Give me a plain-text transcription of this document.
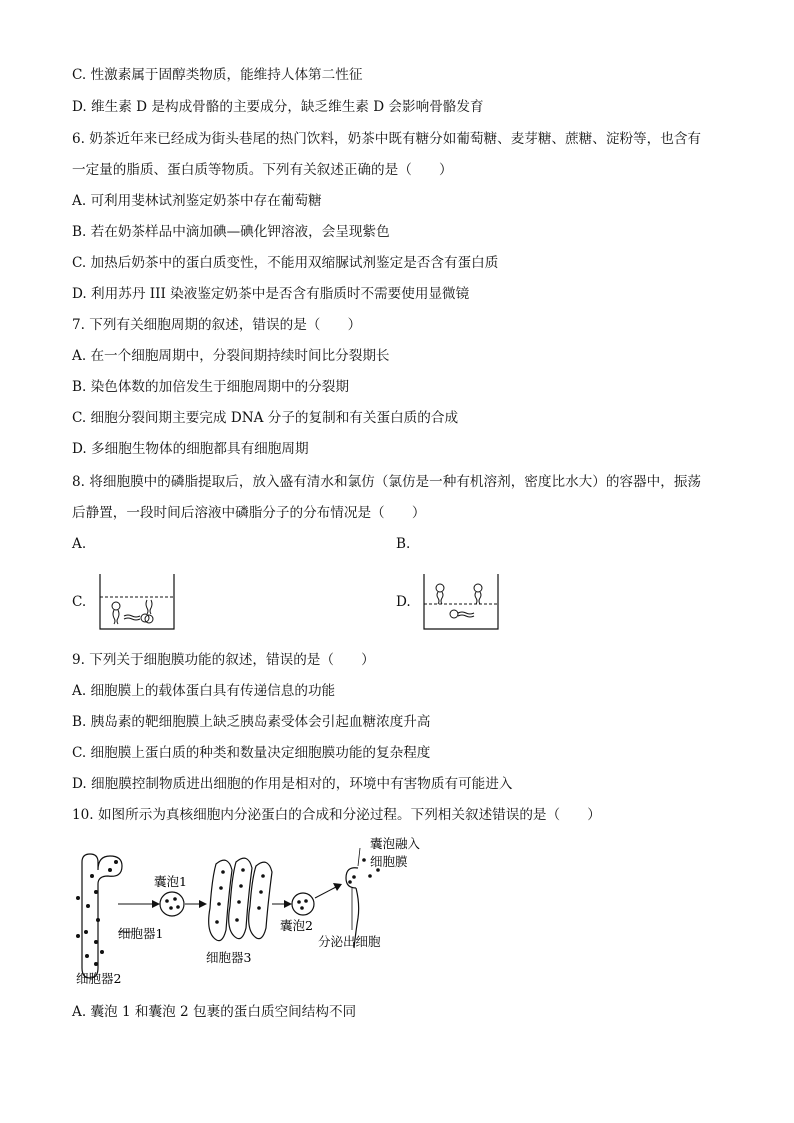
C. 性激素属于固醇类物质，能维持人体第二性征
D. 维生素 D 是构成骨骼的主要成分，缺乏维生素 D 会影响骨骼发育
6. 奶茶近年来已经成为街头巷尾的热门饮料，奶茶中既有糖分如葡萄糖、麦芽糖、蔗糖、淀粉等，也含有
一定量的脂质、蛋白质等物质。下列有关叙述正确的是（　　）
A. 可利用斐林试剂鉴定奶茶中存在葡萄糖
B. 若在奶茶样品中滴加碘—碘化钾溶液，会呈现紫色
C. 加热后奶茶中的蛋白质变性，不能用双缩脲试剂鉴定是否含有蛋白质
D. 利用苏丹 III 染液鉴定奶茶中是否含有脂质时不需要使用显微镜
7. 下列有关细胞周期的叙述，错误的是（　　）
A. 在一个细胞周期中，分裂间期持续时间比分裂期长
B. 染色体数的加倍发生于细胞周期中的分裂期
C. 细胞分裂间期主要完成 DNA 分子的复制和有关蛋白质的合成
D. 多细胞生物体的细胞都具有细胞周期
8. 将细胞膜中的磷脂提取后，放入盛有清水和氯仿（氯仿是一种有机溶剂，密度比水大）的容器中，振荡
后静置，一段时间后溶液中磷脂分子的分布情况是（　　）
A.	B.
C.	D.
9. 下列关于细胞膜功能的叙述，错误的是（　　）
A. 细胞膜上的载体蛋白具有传递信息的功能
B. 胰岛素的靶细胞膜上缺乏胰岛素受体会引起血糖浓度升高
C. 细胞膜上蛋白质的种类和数量决定细胞膜功能的复杂程度
D. 细胞膜控制物质进出细胞的作用是相对的，环境中有害物质有可能进入
10. 如图所示为真核细胞内分泌蛋白的合成和分泌过程。下列相关叙述错误的是（　　）
囊泡1
细胞器1
细胞器2
细胞器3
囊泡2
囊泡融入
细胞膜
分泌出细胞
A. 囊泡 1 和囊泡 2 包裹的蛋白质空间结构不同
